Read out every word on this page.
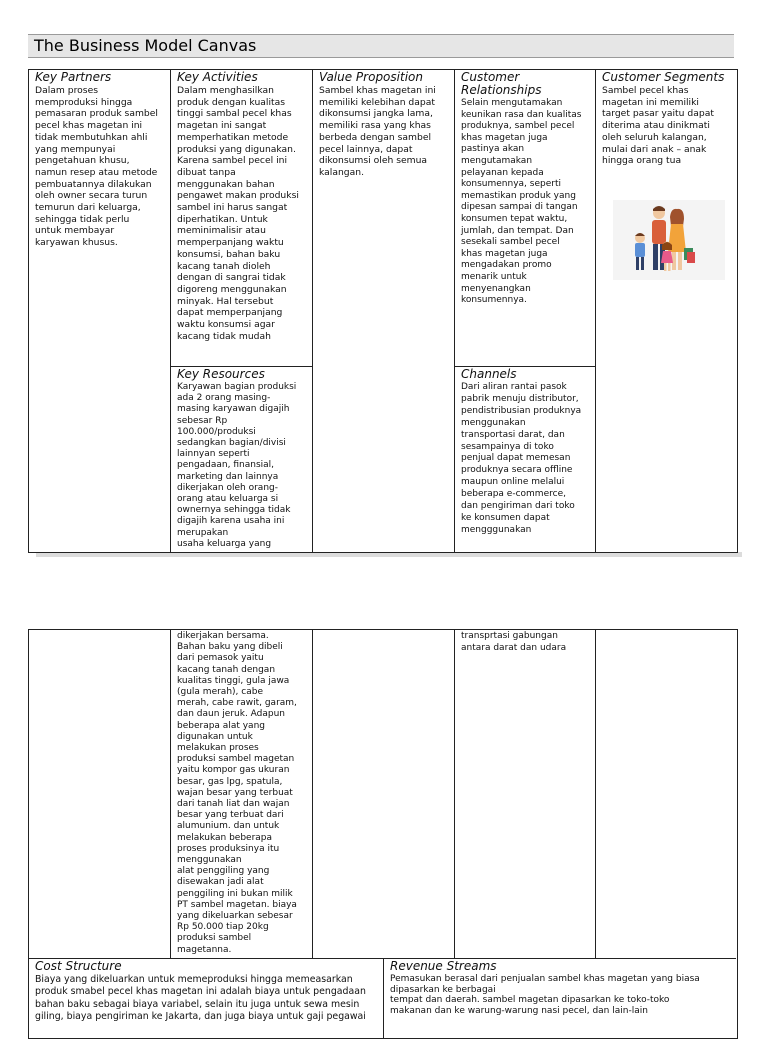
The Business Model Canvas
Key Partners
Dalam proses
memproduksi hingga
pemasaran produk sambel
pecel khas magetan ini
tidak membutuhkan ahli
yang mempunyai
pengetahuan khusu,
namun resep atau metode
pembuatannya dilakukan
oleh owner secara turun
temurun dari keluarga,
sehingga tidak perlu
untuk membayar
karyawan khusus.
Key Activities
Dalam menghasilkan
produk dengan kualitas
tinggi sambal pecel khas
magetan ini sangat
memperhatikan metode
produksi yang digunakan.
Karena sambel pecel ini
dibuat tanpa
menggunakan bahan
pengawet makan produksi
sambel ini harus sangat
diperhatikan. Untuk
meminimalisir atau
memperpanjang waktu
konsumsi, bahan baku
kacang tanah dioleh
dengan di sangrai tidak
digoreng menggunakan
minyak. Hal tersebut
dapat memperpanjang
waktu konsumsi agar
kacang tidak mudah
Value Proposition
Sambel khas magetan ini
memiliki kelebihan dapat
dikonsumsi jangka lama,
memiliki rasa yang khas
berbeda dengan sambel
pecel lainnya, dapat
dikonsumsi oleh semua
kalangan.
Customer
Relationships
Selain mengutamakan
keunikan rasa dan kualitas
produknya, sambel pecel
khas magetan juga
pastinya akan
mengutamakan
pelayanan kepada
konsumennya, seperti
memastikan produk yang
dipesan sampai di tangan
konsumen tepat waktu,
jumlah, dan tempat. Dan
sesekali sambel pecel
khas magetan juga
mengadakan promo
menarik untuk
menyenangkan
konsumennya.
Customer Segments
Sambel pecel khas
magetan ini memiliki
target pasar yaitu dapat
diterima atau dinikmati
oleh seluruh kalangan,
mulai dari anak – anak
hingga orang tua
Key Resources
Karyawan bagian produksi
ada 2 orang masing-
masing karyawan digajih
sebesar Rp
100.000/produksi
sedangkan bagian/divisi
lainnyan seperti
pengadaan, finansial,
marketing dan lainnya
dikerjakan oleh orang-
orang atau keluarga si
ownernya sehingga tidak
digajih karena usaha ini
merupakan
usaha keluarga yang
Channels
Dari aliran rantai pasok
pabrik menuju distributor,
pendistribusian produknya
menggunakan
transportasi darat, dan
sesampainya di toko
penjual dapat memesan
produknya secara offline
maupun online melalui
beberapa e-commerce,
dan pengiriman dari toko
ke konsumen dapat
mengggunakan
dikerjakan bersama.
Bahan baku yang dibeli
dari pemasok yaitu
kacang tanah dengan
kualitas tinggi, gula jawa
(gula merah), cabe
merah, cabe rawit, garam,
dan daun jeruk. Adapun
beberapa alat yang
digunakan untuk
melakukan proses
produksi sambel magetan
yaitu kompor gas ukuran
besar, gas lpg, spatula,
wajan besar yang terbuat
dari tanah liat dan wajan
besar yang terbuat dari
alumunium. dan untuk
melakukan beberapa
proses produksinya itu
menggunakan
alat penggiling yang
disewakan jadi alat
penggiling ini bukan milik
PT sambel magetan. biaya
yang dikeluarkan sebesar
Rp 50.000 tiap 20kg
produksi sambel
magetanna.
transprtasi gabungan
antara darat dan udara
Cost Structure
Biaya yang dikeluarkan untuk memeproduksi hingga memeasarkan
produk smabel pecel khas magetan ini adalah biaya untuk pengadaan
bahan baku sebagai biaya variabel, selain itu juga untuk sewa mesin
giling, biaya pengiriman ke Jakarta, dan juga biaya untuk gaji pegawai
Revenue Streams
Pemasukan berasal dari penjualan sambel khas magetan yang biasa
dipasarkan ke berbagai
tempat dan daerah. sambel magetan dipasarkan ke toko-toko
makanan dan ke warung-warung nasi pecel, dan lain-lain
